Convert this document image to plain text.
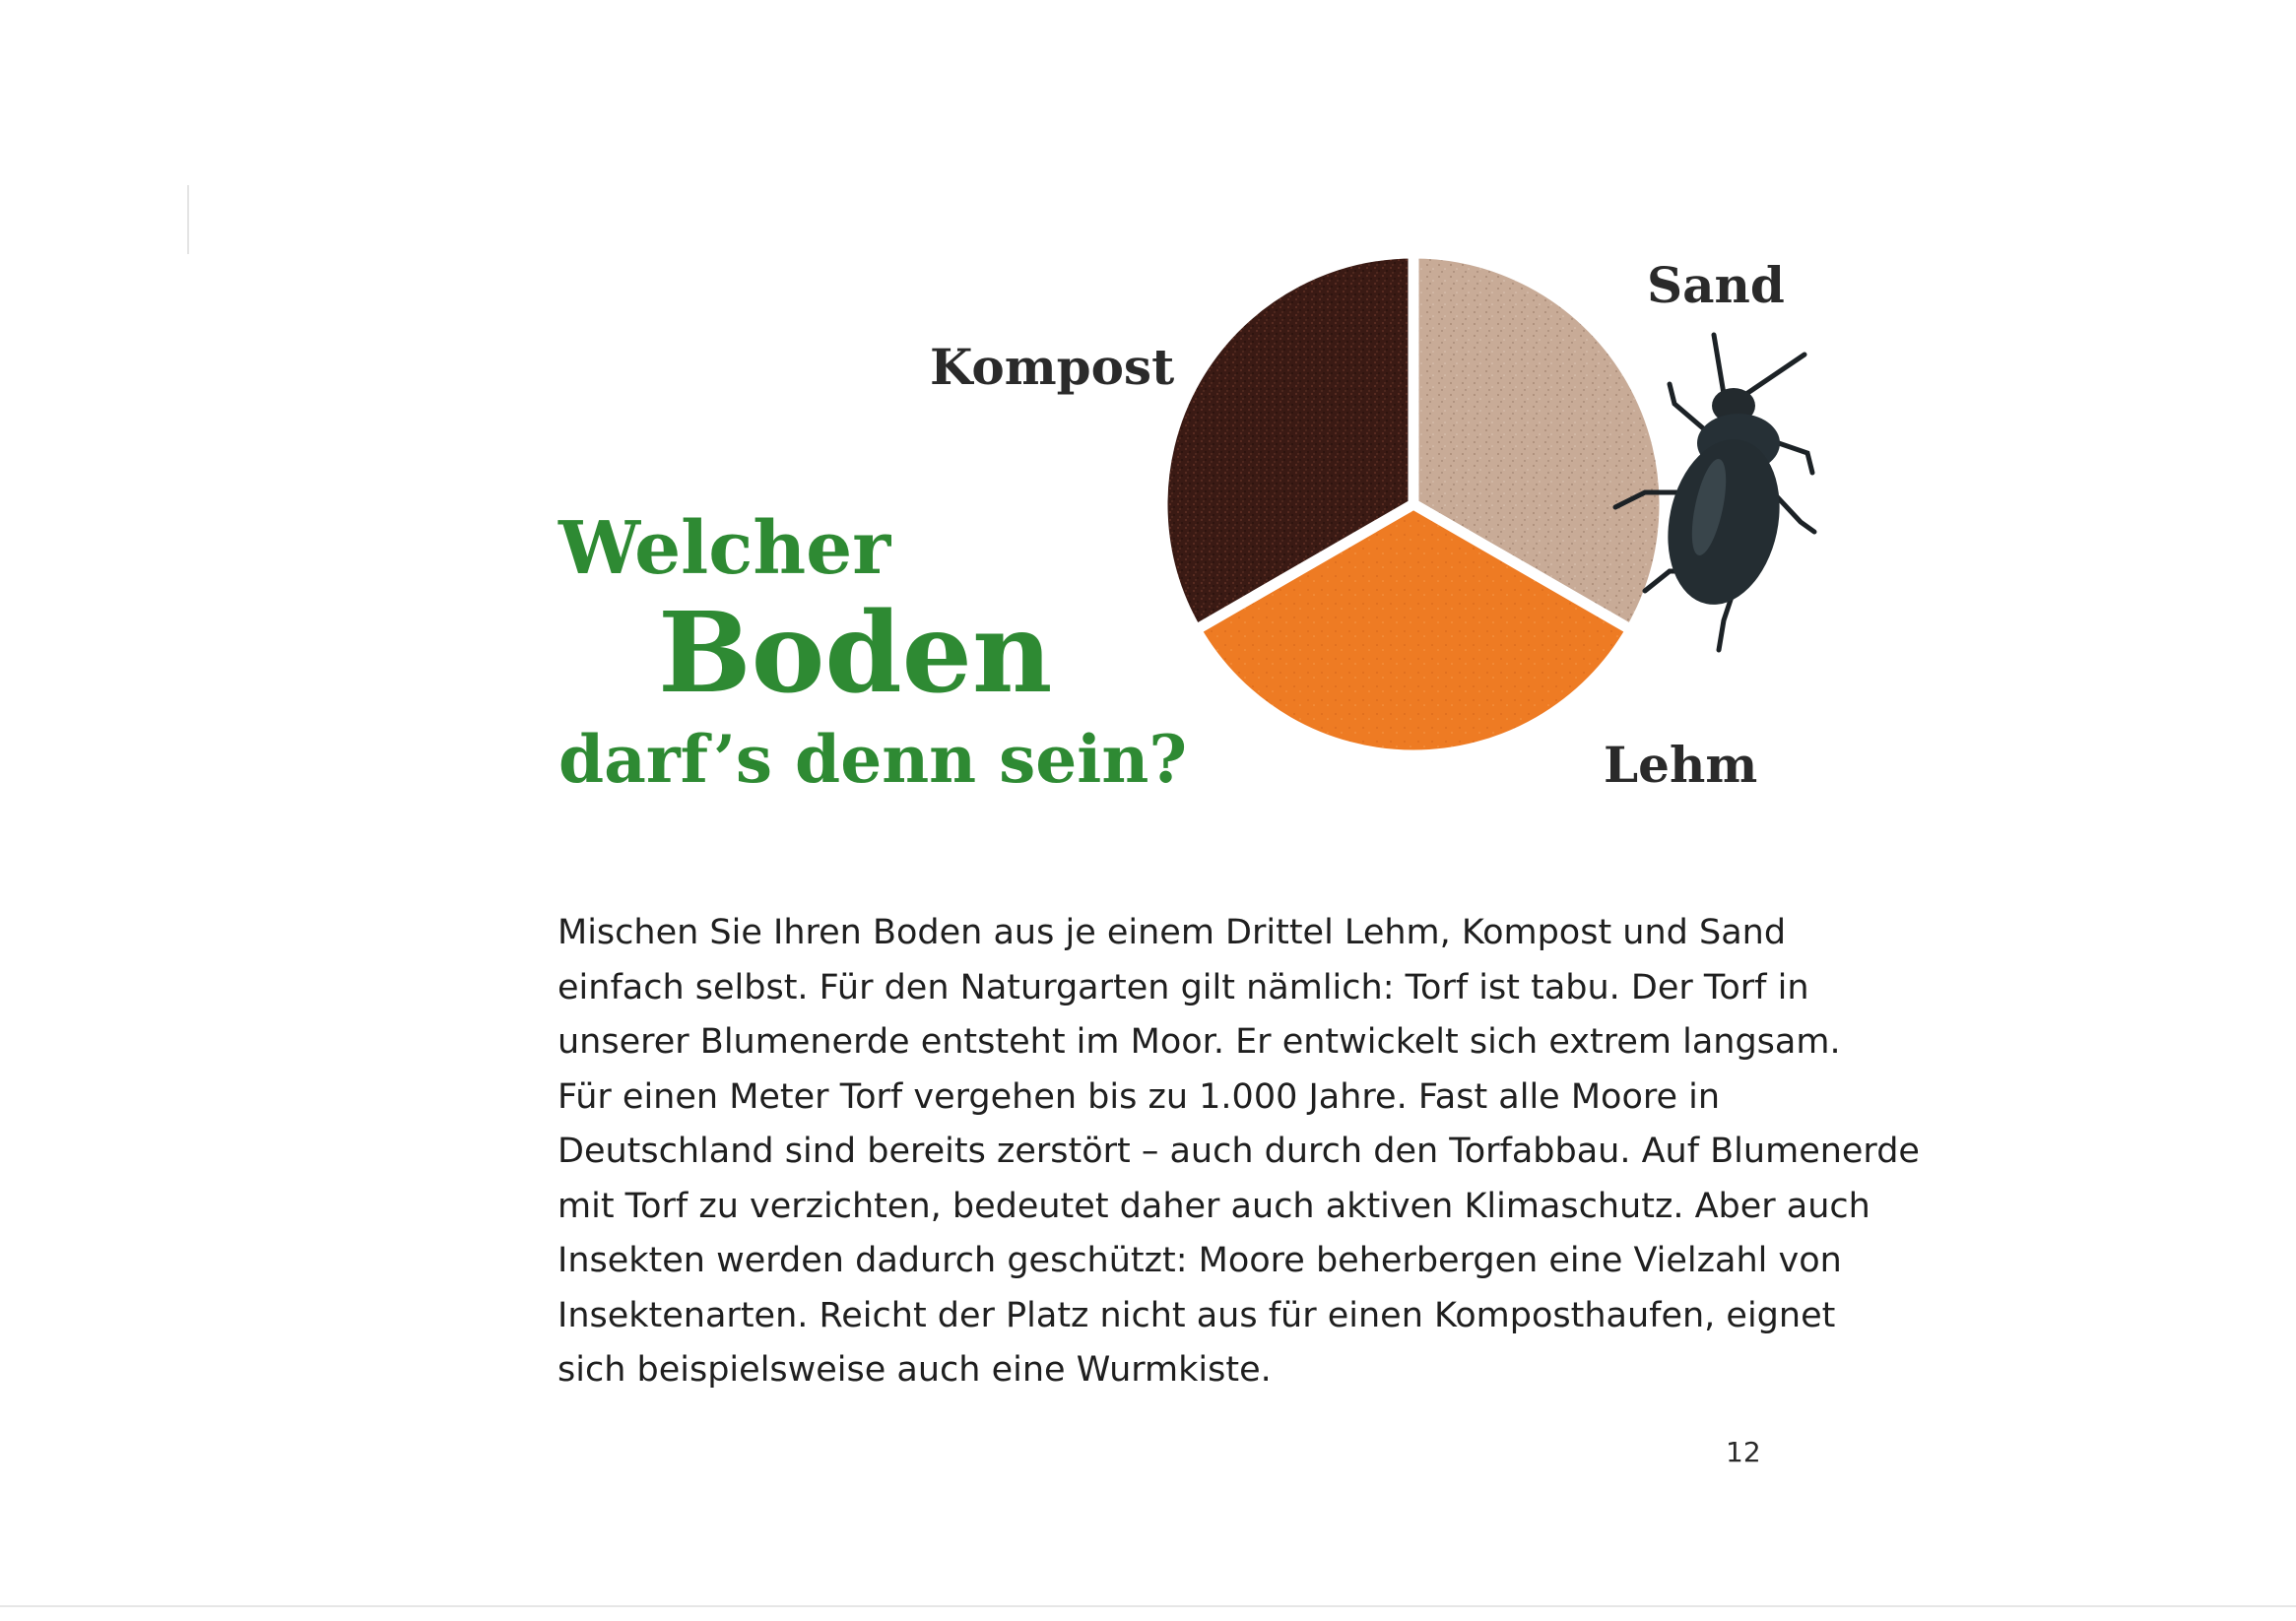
Welcher
Boden
darf’s denn sein?
Kompost
Sand
Lehm
Mischen Sie Ihren Boden aus je einem Drittel Lehm, Kompost und Sand
einfach selbst. Für den Naturgarten gilt nämlich: Torf ist tabu. Der Torf in
unserer Blumenerde entsteht im Moor. Er entwickelt sich extrem langsam.
Für einen Meter Torf vergehen bis zu 1.000 Jahre. Fast alle Moore in
Deutschland sind bereits zerstört – auch durch den Torfabbau. Auf Blumenerde
mit Torf zu verzichten, bedeutet daher auch aktiven Klimaschutz. Aber auch
Insekten werden dadurch geschützt: Moore beherbergen eine Vielzahl von
Insektenarten. Reicht der Platz nicht aus für einen Komposthaufen, eignet
sich beispielsweise auch eine Wurmkiste.
12
